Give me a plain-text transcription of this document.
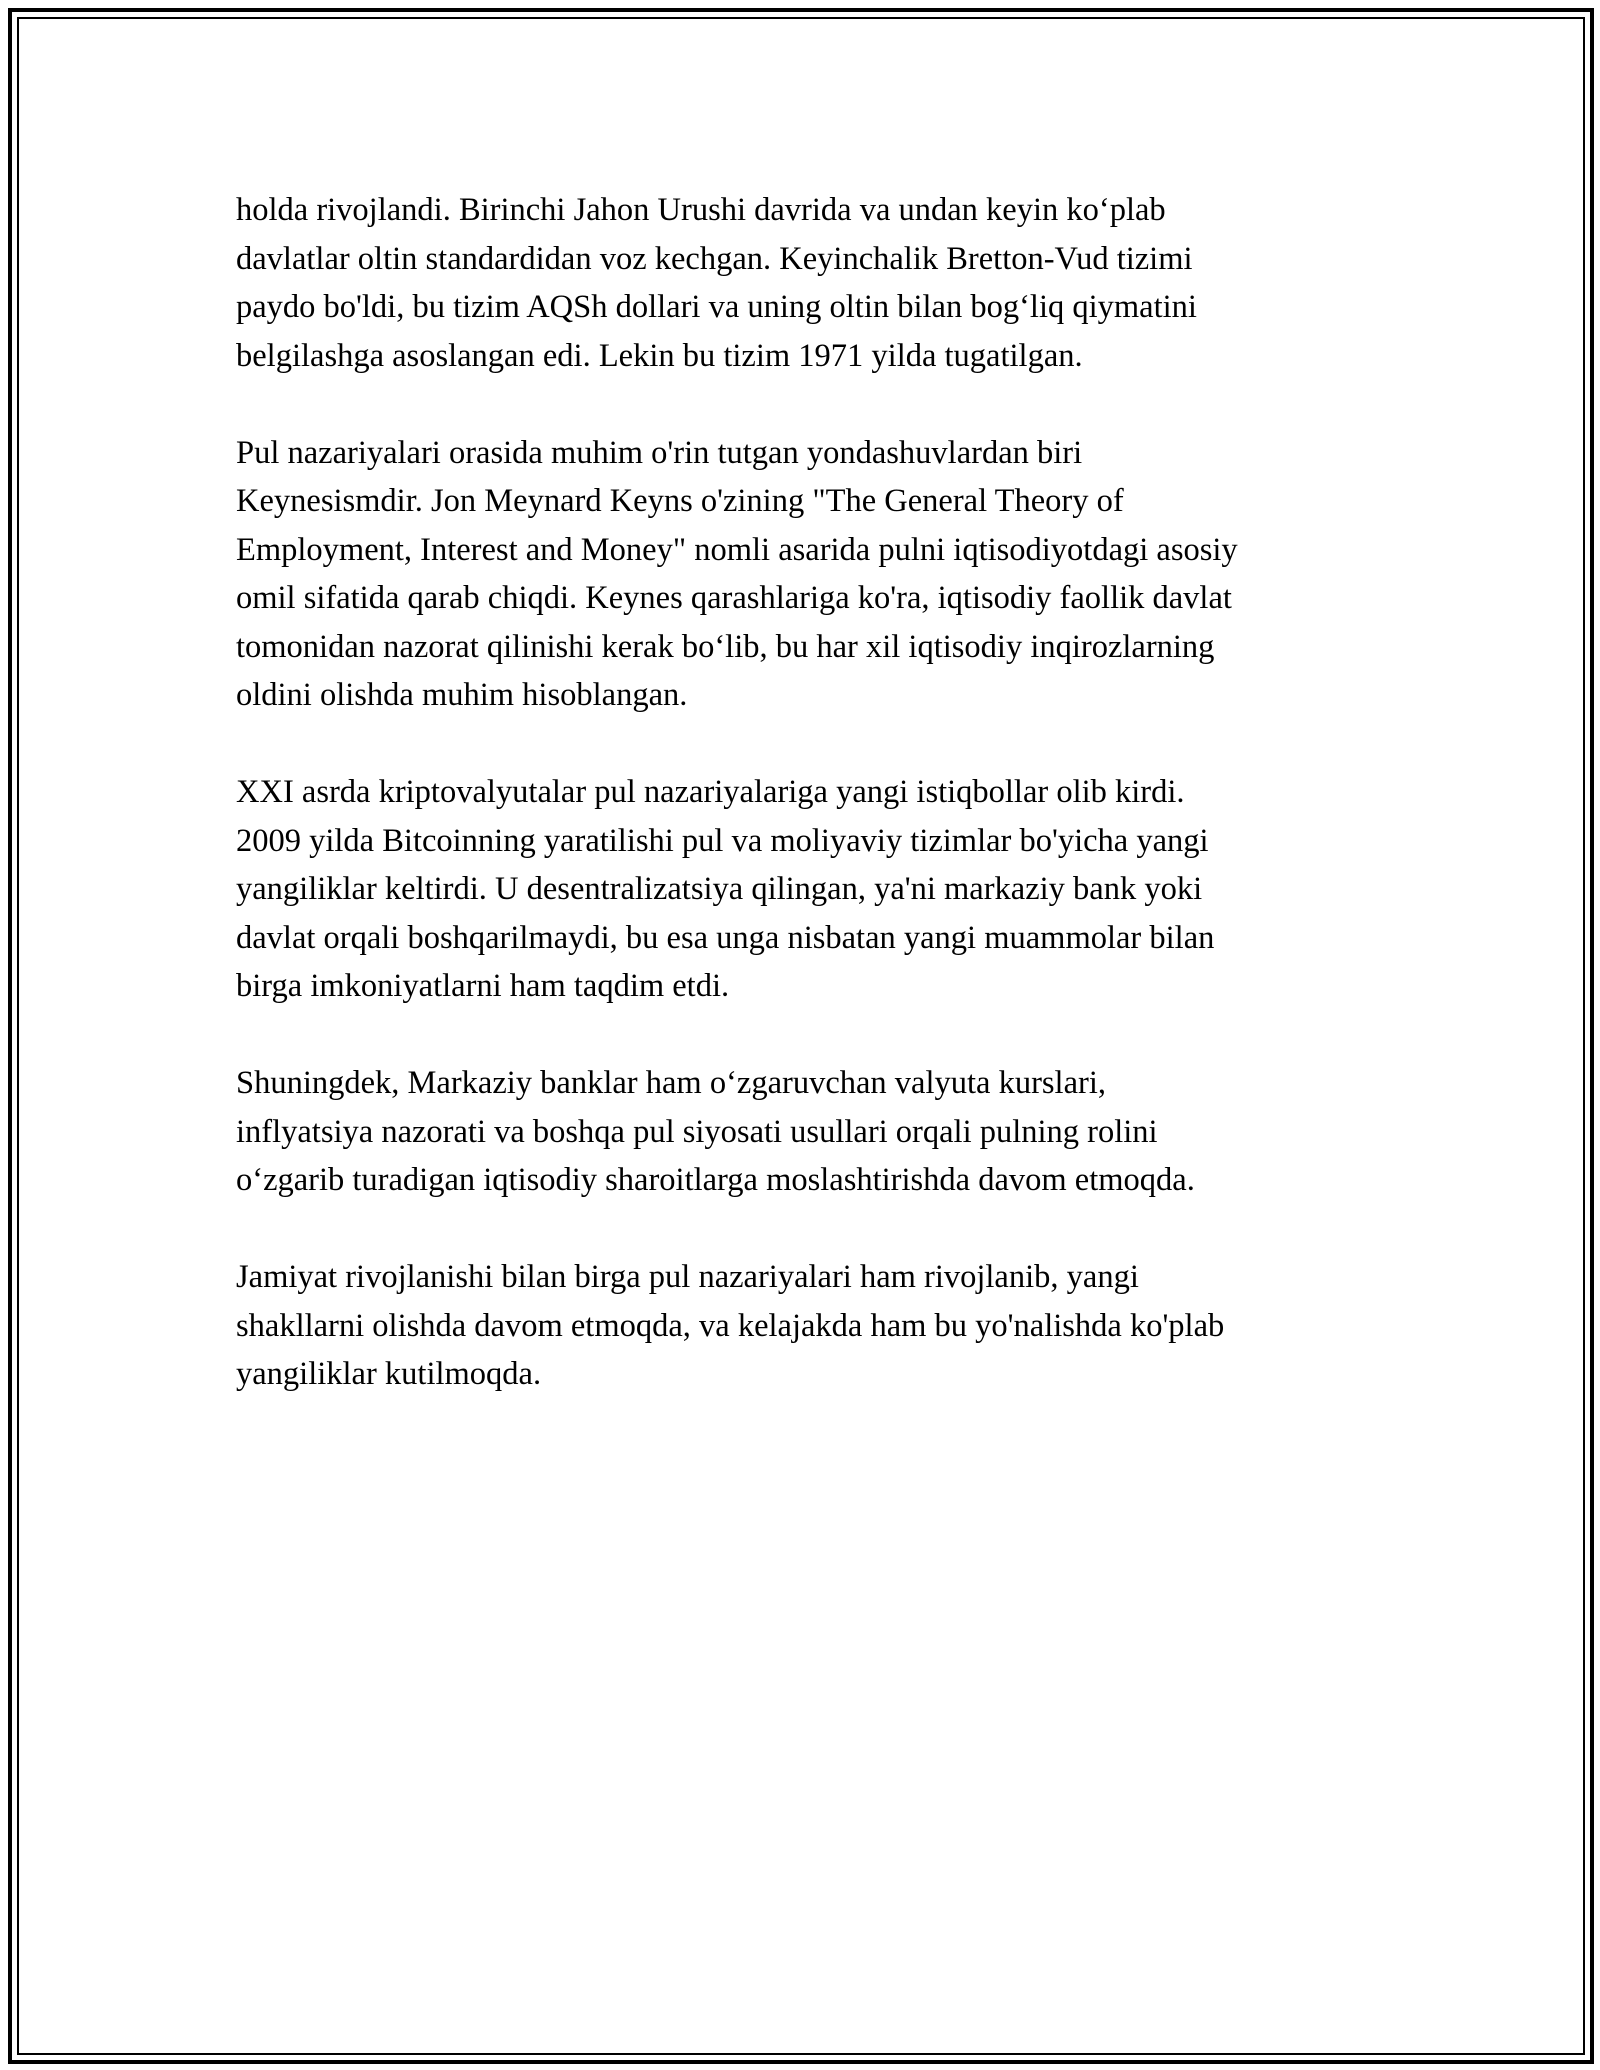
holda rivojlandi. Birinchi Jahon Urushi davrida va undan keyin ko‘plab
davlatlar oltin standardidan voz kechgan. Keyinchalik Bretton-Vud tizimi
paydo bo'ldi, bu tizim AQSh dollari va uning oltin bilan bog‘liq qiymatini
belgilashga asoslangan edi. Lekin bu tizim 1971 yilda tugatilgan.

Pul nazariyalari orasida muhim o'rin tutgan yondashuvlardan biri
Keynesismdir. Jon Meynard Keyns o'zining "The General Theory of
Employment, Interest and Money" nomli asarida pulni iqtisodiyotdagi asosiy
omil sifatida qarab chiqdi. Keynes qarashlariga ko'ra, iqtisodiy faollik davlat
tomonidan nazorat qilinishi kerak bo‘lib, bu har xil iqtisodiy inqirozlarning
oldini olishda muhim hisoblangan.

XXI asrda kriptovalyutalar pul nazariyalariga yangi istiqbollar olib kirdi.
2009 yilda Bitcoinning yaratilishi pul va moliyaviy tizimlar bo'yicha yangi
yangiliklar keltirdi. U desentralizatsiya qilingan, ya'ni markaziy bank yoki
davlat orqali boshqarilmaydi, bu esa unga nisbatan yangi muammolar bilan
birga imkoniyatlarni ham taqdim etdi.

Shuningdek, Markaziy banklar ham o‘zgaruvchan valyuta kurslari,
inflyatsiya nazorati va boshqa pul siyosati usullari orqali pulning rolini
o‘zgarib turadigan iqtisodiy sharoitlarga moslashtirishda davom etmoqda.

Jamiyat rivojlanishi bilan birga pul nazariyalari ham rivojlanib, yangi
shakllarni olishda davom etmoqda, va kelajakda ham bu yo'nalishda ko'plab
yangiliklar kutilmoqda.
